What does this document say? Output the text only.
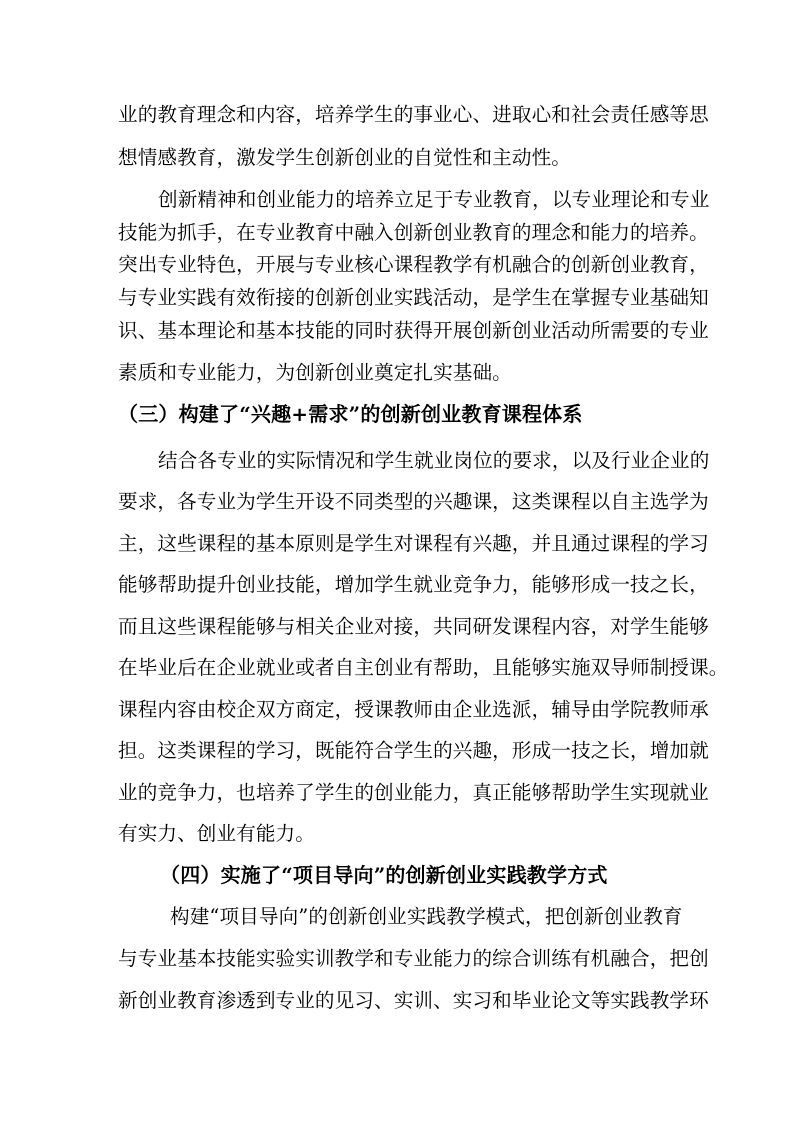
业的教育理念和内容，培养学生的事业心、进取心和社会责任感等思
想情感教育，激发学生创新创业的自觉性和主动性。
创新精神和创业能力的培养立足于专业教育，以专业理论和专业
技能为抓手，在专业教育中融入创新创业教育的理念和能力的培养。
突出专业特色，开展与专业核心课程教学有机融合的创新创业教育，
与专业实践有效衔接的创新创业实践活动，是学生在掌握专业基础知
识、基本理论和基本技能的同时获得开展创新创业活动所需要的专业
素质和专业能力，为创新创业奠定扎实基础。
（三）构建了“兴趣+需求”的创新创业教育课程体系
结合各专业的实际情况和学生就业岗位的要求，以及行业企业的
要求，各专业为学生开设不同类型的兴趣课，这类课程以自主选学为
主，这些课程的基本原则是学生对课程有兴趣，并且通过课程的学习
能够帮助提升创业技能，增加学生就业竞争力，能够形成一技之长，
而且这些课程能够与相关企业对接，共同研发课程内容，对学生能够
在毕业后在企业就业或者自主创业有帮助，且能够实施双导师制授课。
课程内容由校企双方商定，授课教师由企业选派，辅导由学院教师承
担。这类课程的学习，既能符合学生的兴趣，形成一技之长，增加就
业的竞争力，也培养了学生的创业能力，真正能够帮助学生实现就业
有实力、创业有能力。
（四）实施了“项目导向”的创新创业实践教学方式
构建“项目导向”的创新创业实践教学模式，把创新创业教育
与专业基本技能实验实训教学和专业能力的综合训练有机融合，把创
新创业教育渗透到专业的见习、实训、实习和毕业论文等实践教学环
